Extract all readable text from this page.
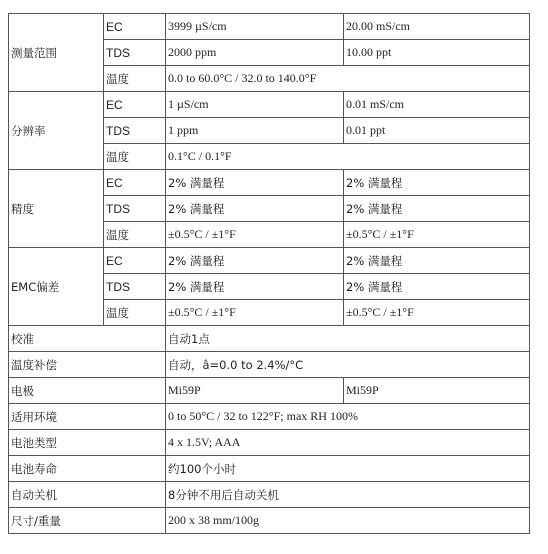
测量范围	EC	3999 µS/cm	20.00 mS/cm
	TDS	2000 ppm	10.00 ppt
	温度	0.0 to 60.0°C / 32.0 to 140.0°F	
分辨率	EC	1 µS/cm	0.01 mS/cm
	TDS	1 ppm	0.01 ppt
	温度	0.1°C / 0.1°F	
精度	EC	2% 满量程	2% 满量程
	TDS	2% 满量程	2% 满量程
	温度	±0.5°C / ±1°F	±0.5°C / ±1°F
EMC偏差	EC	2% 满量程	2% 满量程
	TDS	2% 满量程	2% 满量程
	温度	±0.5°C / ±1°F	±0.5°C / ±1°F
校准		自动1点	
温度补偿		自动，â=0.0 to 2.4%/°C	
电极		Mi59P	Mi59P
适用环境		0 to 50°C / 32 to 122°F; max RH 100%	
电池类型		4 x 1.5V; AAA	
电池寿命		约100个小时	
自动关机		8分钟不用后自动关机	
尺寸/重量		200 x 38 mm/100g	
